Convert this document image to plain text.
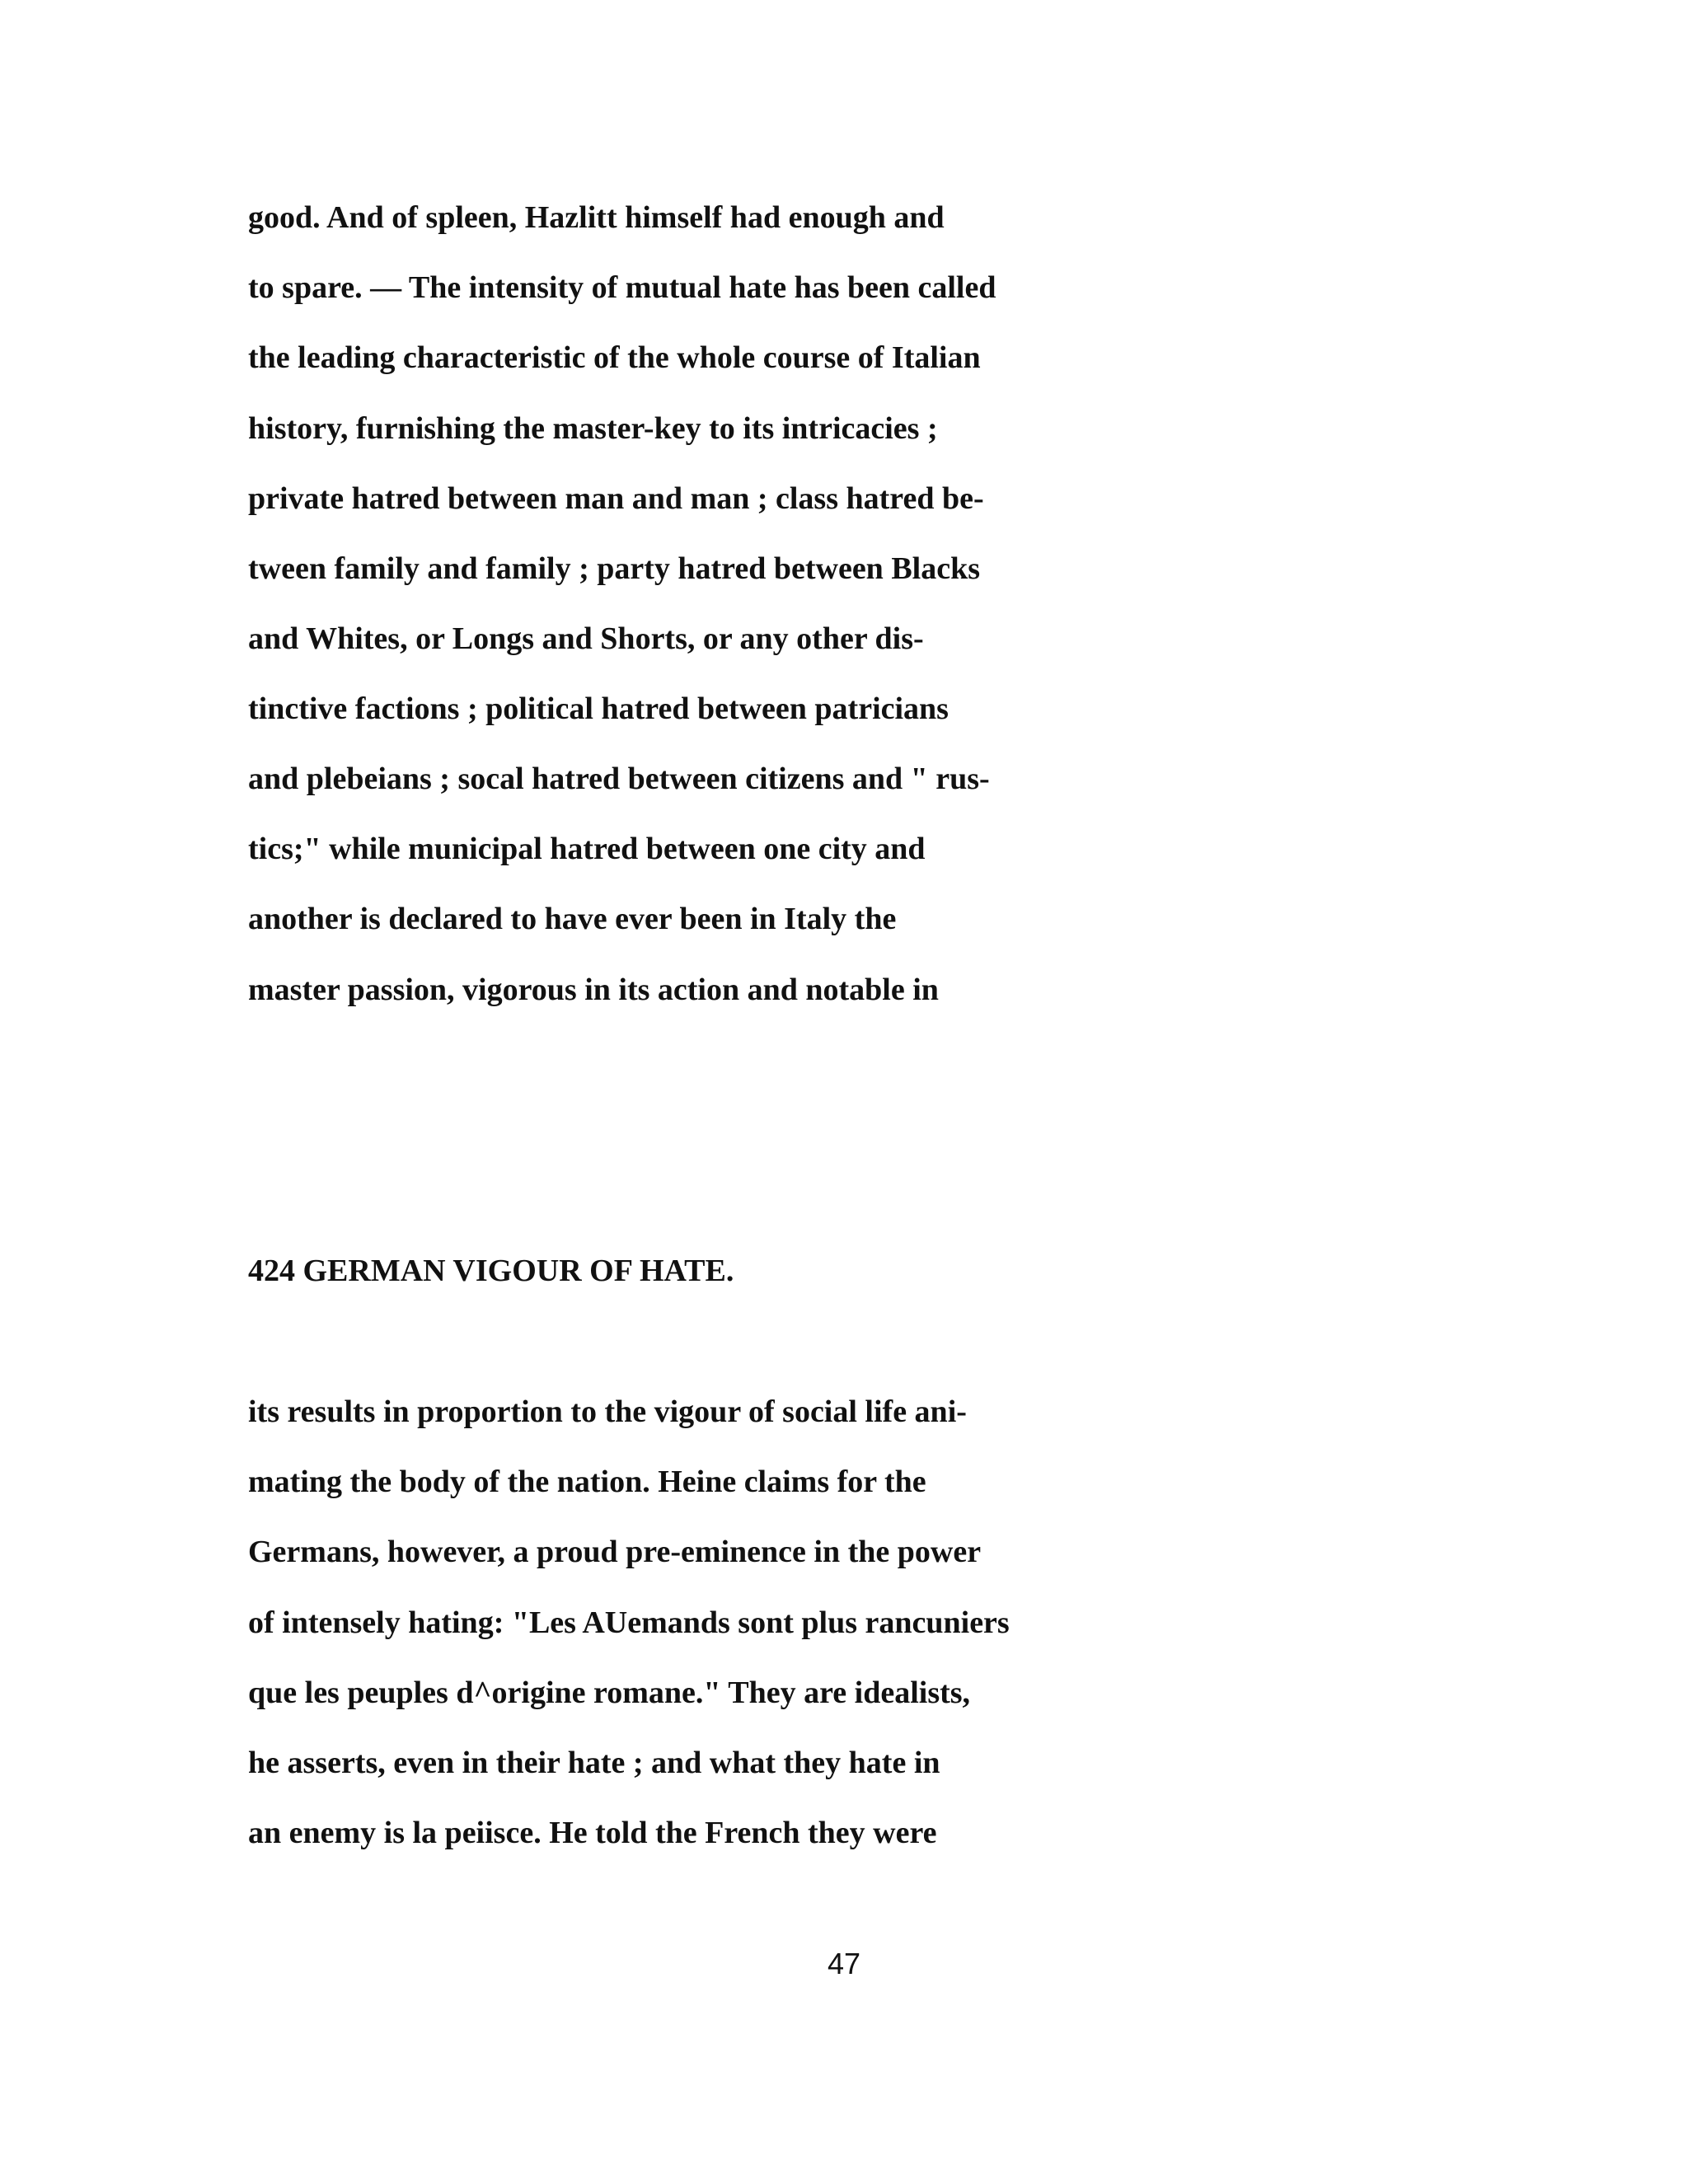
good. And of spleen, Hazlitt himself had enough and

to spare. — The intensity of mutual hate has been called

the leading characteristic of the whole course of Italian

history, furnishing the master-key to its intricacies ;

private hatred between man and man ; class hatred be-

tween family and family ; party hatred between Blacks

and Whites, or Longs and Shorts, or any other dis-

tinctive factions ; political hatred between patricians

and plebeians ; socal hatred between citizens and " rus-

tics;" while municipal hatred between one city and

another is declared to have ever been in Italy the

master passion, vigorous in its action and notable in

424 GERMAN VIGOUR OF HATE.

its results in proportion to the vigour of social life ani-

mating the body of the nation. Heine claims for the

Germans, however, a proud pre-eminence in the power

of intensely hating: "Les AUemands sont plus rancuniers

que les peuples d^origine romane." They are idealists,

he asserts, even in their hate ; and what they hate in

an enemy is la peiisce. He told the French they were

47
